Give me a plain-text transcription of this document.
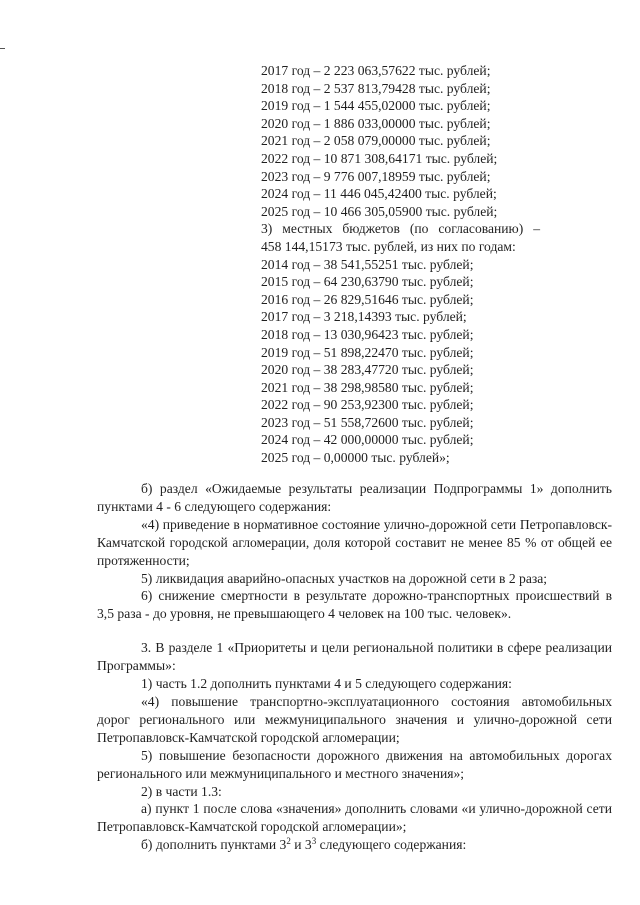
2017 год – 2 223 063,57622 тыс. рублей;
2018 год – 2 537 813,79428 тыс. рублей;
2019 год – 1 544 455,02000 тыс. рублей;
2020 год – 1 886 033,00000 тыс. рублей;
2021 год – 2 058 079,00000 тыс. рублей;
2022 год – 10 871 308,64171 тыс. рублей;
2023 год – 9 776 007,18959 тыс. рублей;
2024 год – 11 446 045,42400 тыс. рублей;
2025 год – 10 466 305,05900 тыс. рублей;
3) местных бюджетов (по согласованию) –
458 144,15173 тыс. рублей, из них по годам:
2014 год – 38 541,55251 тыс. рублей;
2015 год – 64 230,63790 тыс. рублей;
2016 год – 26 829,51646 тыс. рублей;
2017 год – 3 218,14393 тыс. рублей;
2018 год – 13 030,96423 тыс. рублей;
2019 год – 51 898,22470 тыс. рублей;
2020 год – 38 283,47720 тыс. рублей;
2021 год – 38 298,98580 тыс. рублей;
2022 год – 90 253,92300 тыс. рублей;
2023 год – 51 558,72600 тыс. рублей;
2024 год – 42 000,00000 тыс. рублей;
2025 год – 0,00000 тыс. рублей»;

б) раздел «Ожидаемые результаты реализации Подпрограммы 1» дополнить пунктами 4 - 6 следующего содержания:

«4) приведение в нормативное состояние улично-дорожной сети Петропавловск-Камчатской городской агломерации, доля которой составит не менее 85 % от общей ее протяженности;

5) ликвидация аварийно-опасных участков на дорожной сети в 2 раза;

6) снижение смертности в результате дорожно-транспортных происшествий в 3,5 раза - до уровня, не превышающего 4 человек на 100 тыс. человек».

3. В разделе 1 «Приоритеты и цели региональной политики в сфере реализации Программы»:

1) часть 1.2 дополнить пунктами 4 и 5 следующего содержания:

«4) повышение транспортно-эксплуатационного состояния автомобильных дорог регионального или межмуниципального значения и улично-дорожной сети Петропавловск-Камчатской городской агломерации;

5) повышение безопасности дорожного движения на автомобильных дорогах регионального или межмуниципального и местного значения»;

2) в части 1.3:

а) пункт 1 после слова «значения» дополнить словами «и улично-дорожной сети Петропавловск-Камчатской городской агломерации»;

б) дополнить пунктами $3^2$ и $3^3$ следующего содержания:
